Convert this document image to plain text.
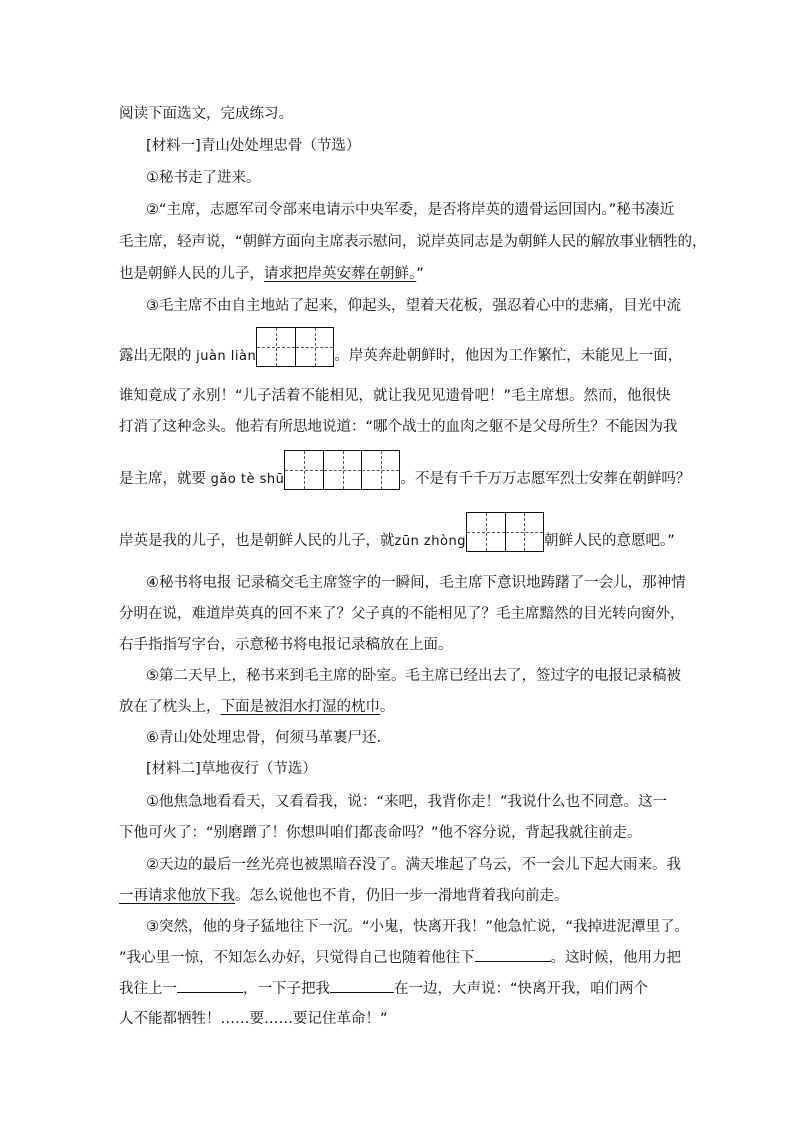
阅读下面选文，完成练习。
[材料一]青山处处埋忠骨（节选）
①秘书走了进来。
②“主席，志愿军司令部来电请示中央军委，是否将岸英的遗骨运回国内。”秘书凑近
毛主席，轻声说，“朝鲜方面向主席表示慰问，说岸英同志是为朝鲜人民的解放事业牺牲的，
也是朝鲜人民的儿子，请求把岸英安葬在朝鲜。”
③毛主席不由自主地站了起来，仰起头，望着天花板，强忍着心中的悲痛，目光中流
露出无限的 juàn liàn	。岸英奔赴朝鲜时，他因为工作繁忙，未能见上一面，
谁知竟成了永别！“儿子活着不能相见，就让我见见遗骨吧！”毛主席想。然而，他很快
打消了这种念头。他若有所思地说道：“哪个战士的血肉之躯不是父母所生？不能因为我
是主席，就要 gǎo tè shū	。不是有千千万万志愿军烈士安葬在朝鲜吗？
岸英是我的儿子，也是朝鲜人民的儿子，就zūn zhòng	朝鲜人民的意愿吧。”
④秘书将电报 记录稿交毛主席签字的一瞬间，毛主席下意识地踌躇了一会儿，那神情
分明在说，难道岸英真的回不来了？父子真的不能相见了？毛主席黯然的目光转向窗外，
右手指指写字台，示意秘书将电报记录稿放在上面。
⑤第二天早上，秘书来到毛主席的卧室。毛主席已经出去了，签过字的电报记录稿被
放在了枕头上，下面是被泪水打湿的枕巾。
⑥青山处处埋忠骨，何须马革裹尸还.
[材料二]草地夜行（节选）
①他焦急地看看天，又看看我，说：“来吧，我背你走！”我说什么也不同意。这一
下他可火了：“别磨蹭了！你想叫咱们都丧命吗？”他不容分说，背起我就往前走。
②天边的最后一丝光亮也被黑暗吞没了。满天堆起了乌云，不一会儿下起大雨来。我
一再请求他放下我。怎么说他也不肯，仍旧一步一滑地背着我向前走。
③突然，他的身子猛地往下一沉。“小鬼，快离开我！”他急忙说，“我掉进泥潭里了。
”我心里一惊，不知怎么办好，只觉得自己也随着他往下	。这时候，他用力把
我往上一	，一下子把我	在一边，大声说：“快离开我，咱们两个
人不能都牺牲！……要……要记住革命！”
